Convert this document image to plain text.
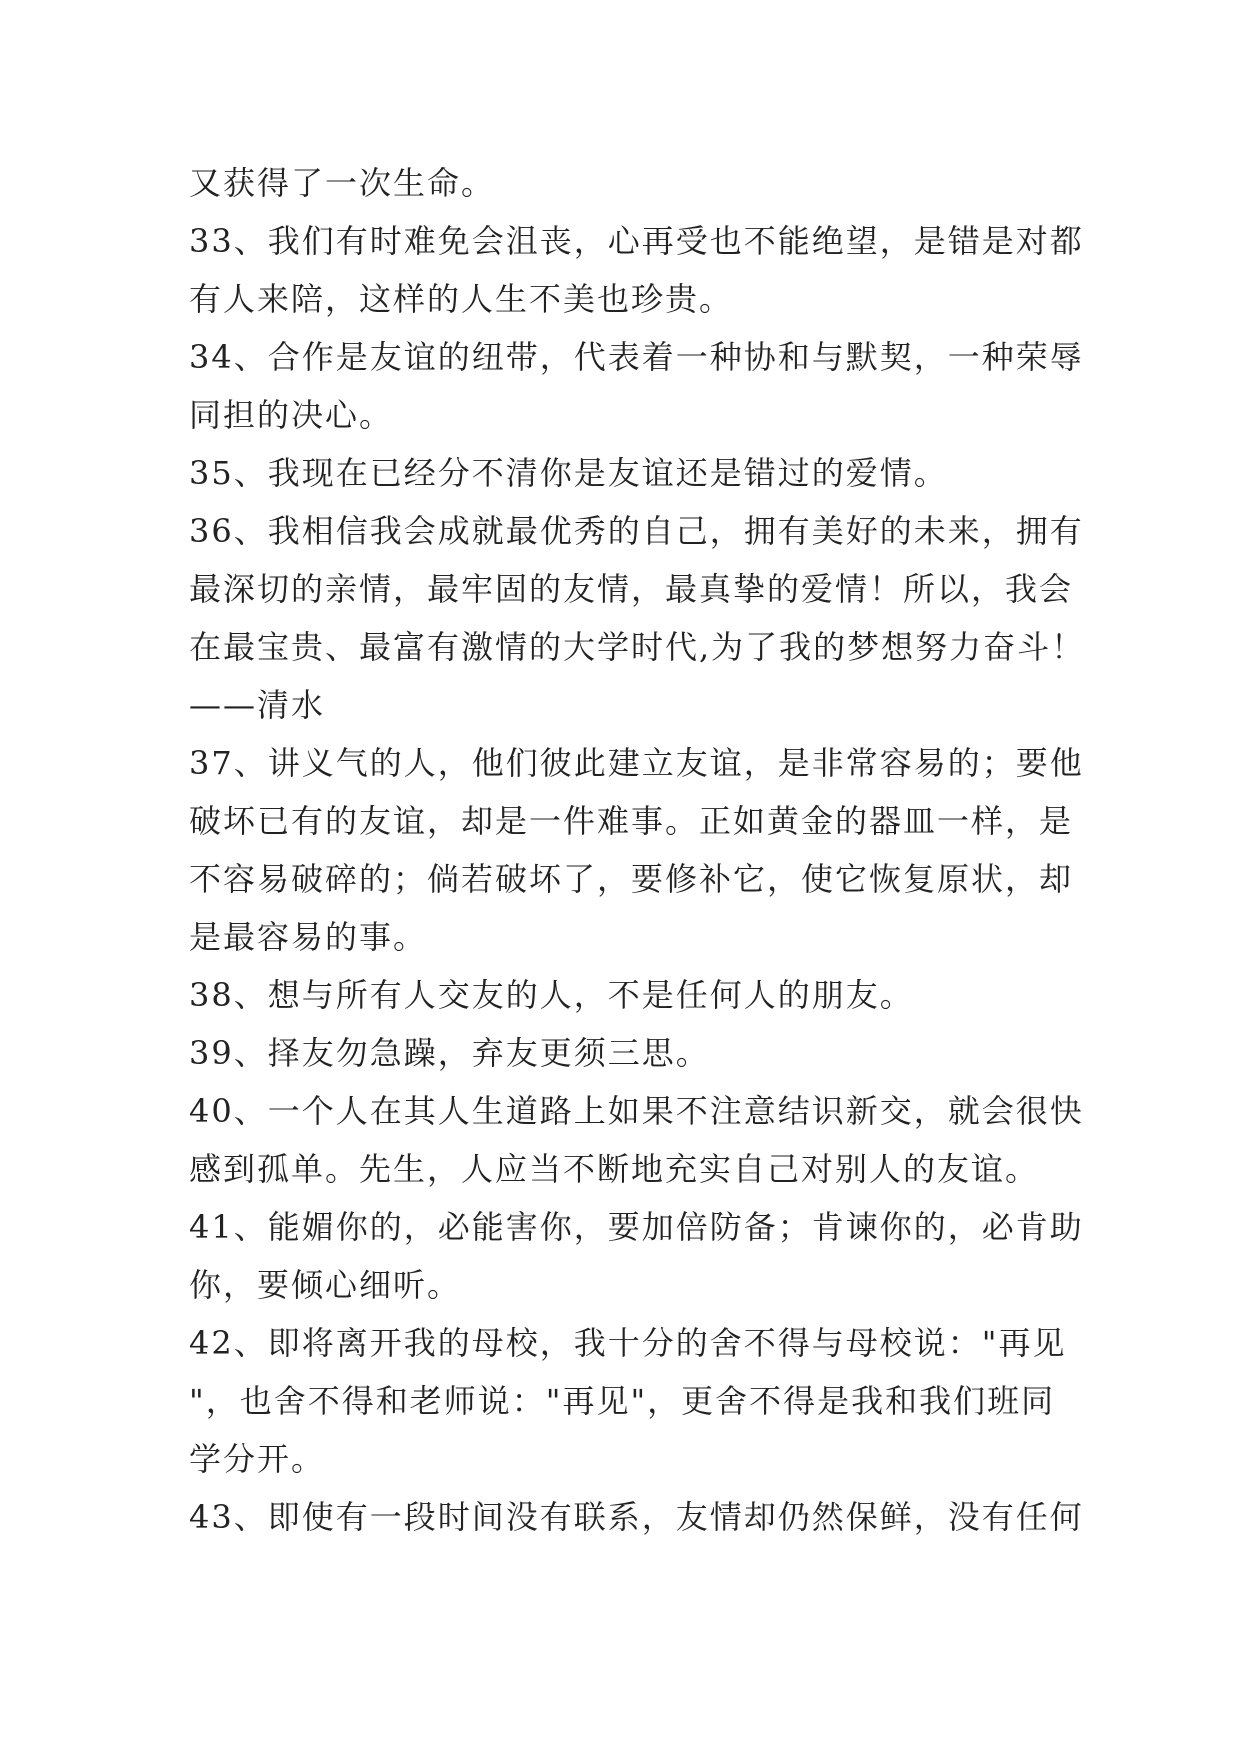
又获得了一次生命。
33、我们有时难免会沮丧，心再受也不能绝望，是错是对都
有人来陪，这样的人生不美也珍贵。
34、合作是友谊的纽带，代表着一种协和与默契，一种荣辱
同担的决心。
35、我现在已经分不清你是友谊还是错过的爱情。
36、我相信我会成就最优秀的自己，拥有美好的未来，拥有
最深切的亲情，最牢固的友情，最真挚的爱情！所以，我会
在最宝贵、最富有激情的大学时代,为了我的梦想努力奋斗！
——清水
37、讲义气的人，他们彼此建立友谊，是非常容易的；要他
破坏已有的友谊，却是一件难事。正如黄金的器皿一样，是
不容易破碎的；倘若破坏了，要修补它，使它恢复原状，却
是最容易的事。
38、想与所有人交友的人，不是任何人的朋友。
39、择友勿急躁，弃友更须三思。
40、一个人在其人生道路上如果不注意结识新交，就会很快
感到孤单。先生，人应当不断地充实自己对别人的友谊。
41、能媚你的，必能害你，要加倍防备；肯谏你的，必肯助
你，要倾心细听。
42、即将离开我的母校，我十分的舍不得与母校说："再见
"，也舍不得和老师说："再见"，更舍不得是我和我们班同
学分开。
43、即使有一段时间没有联系，友情却仍然保鲜，没有任何
